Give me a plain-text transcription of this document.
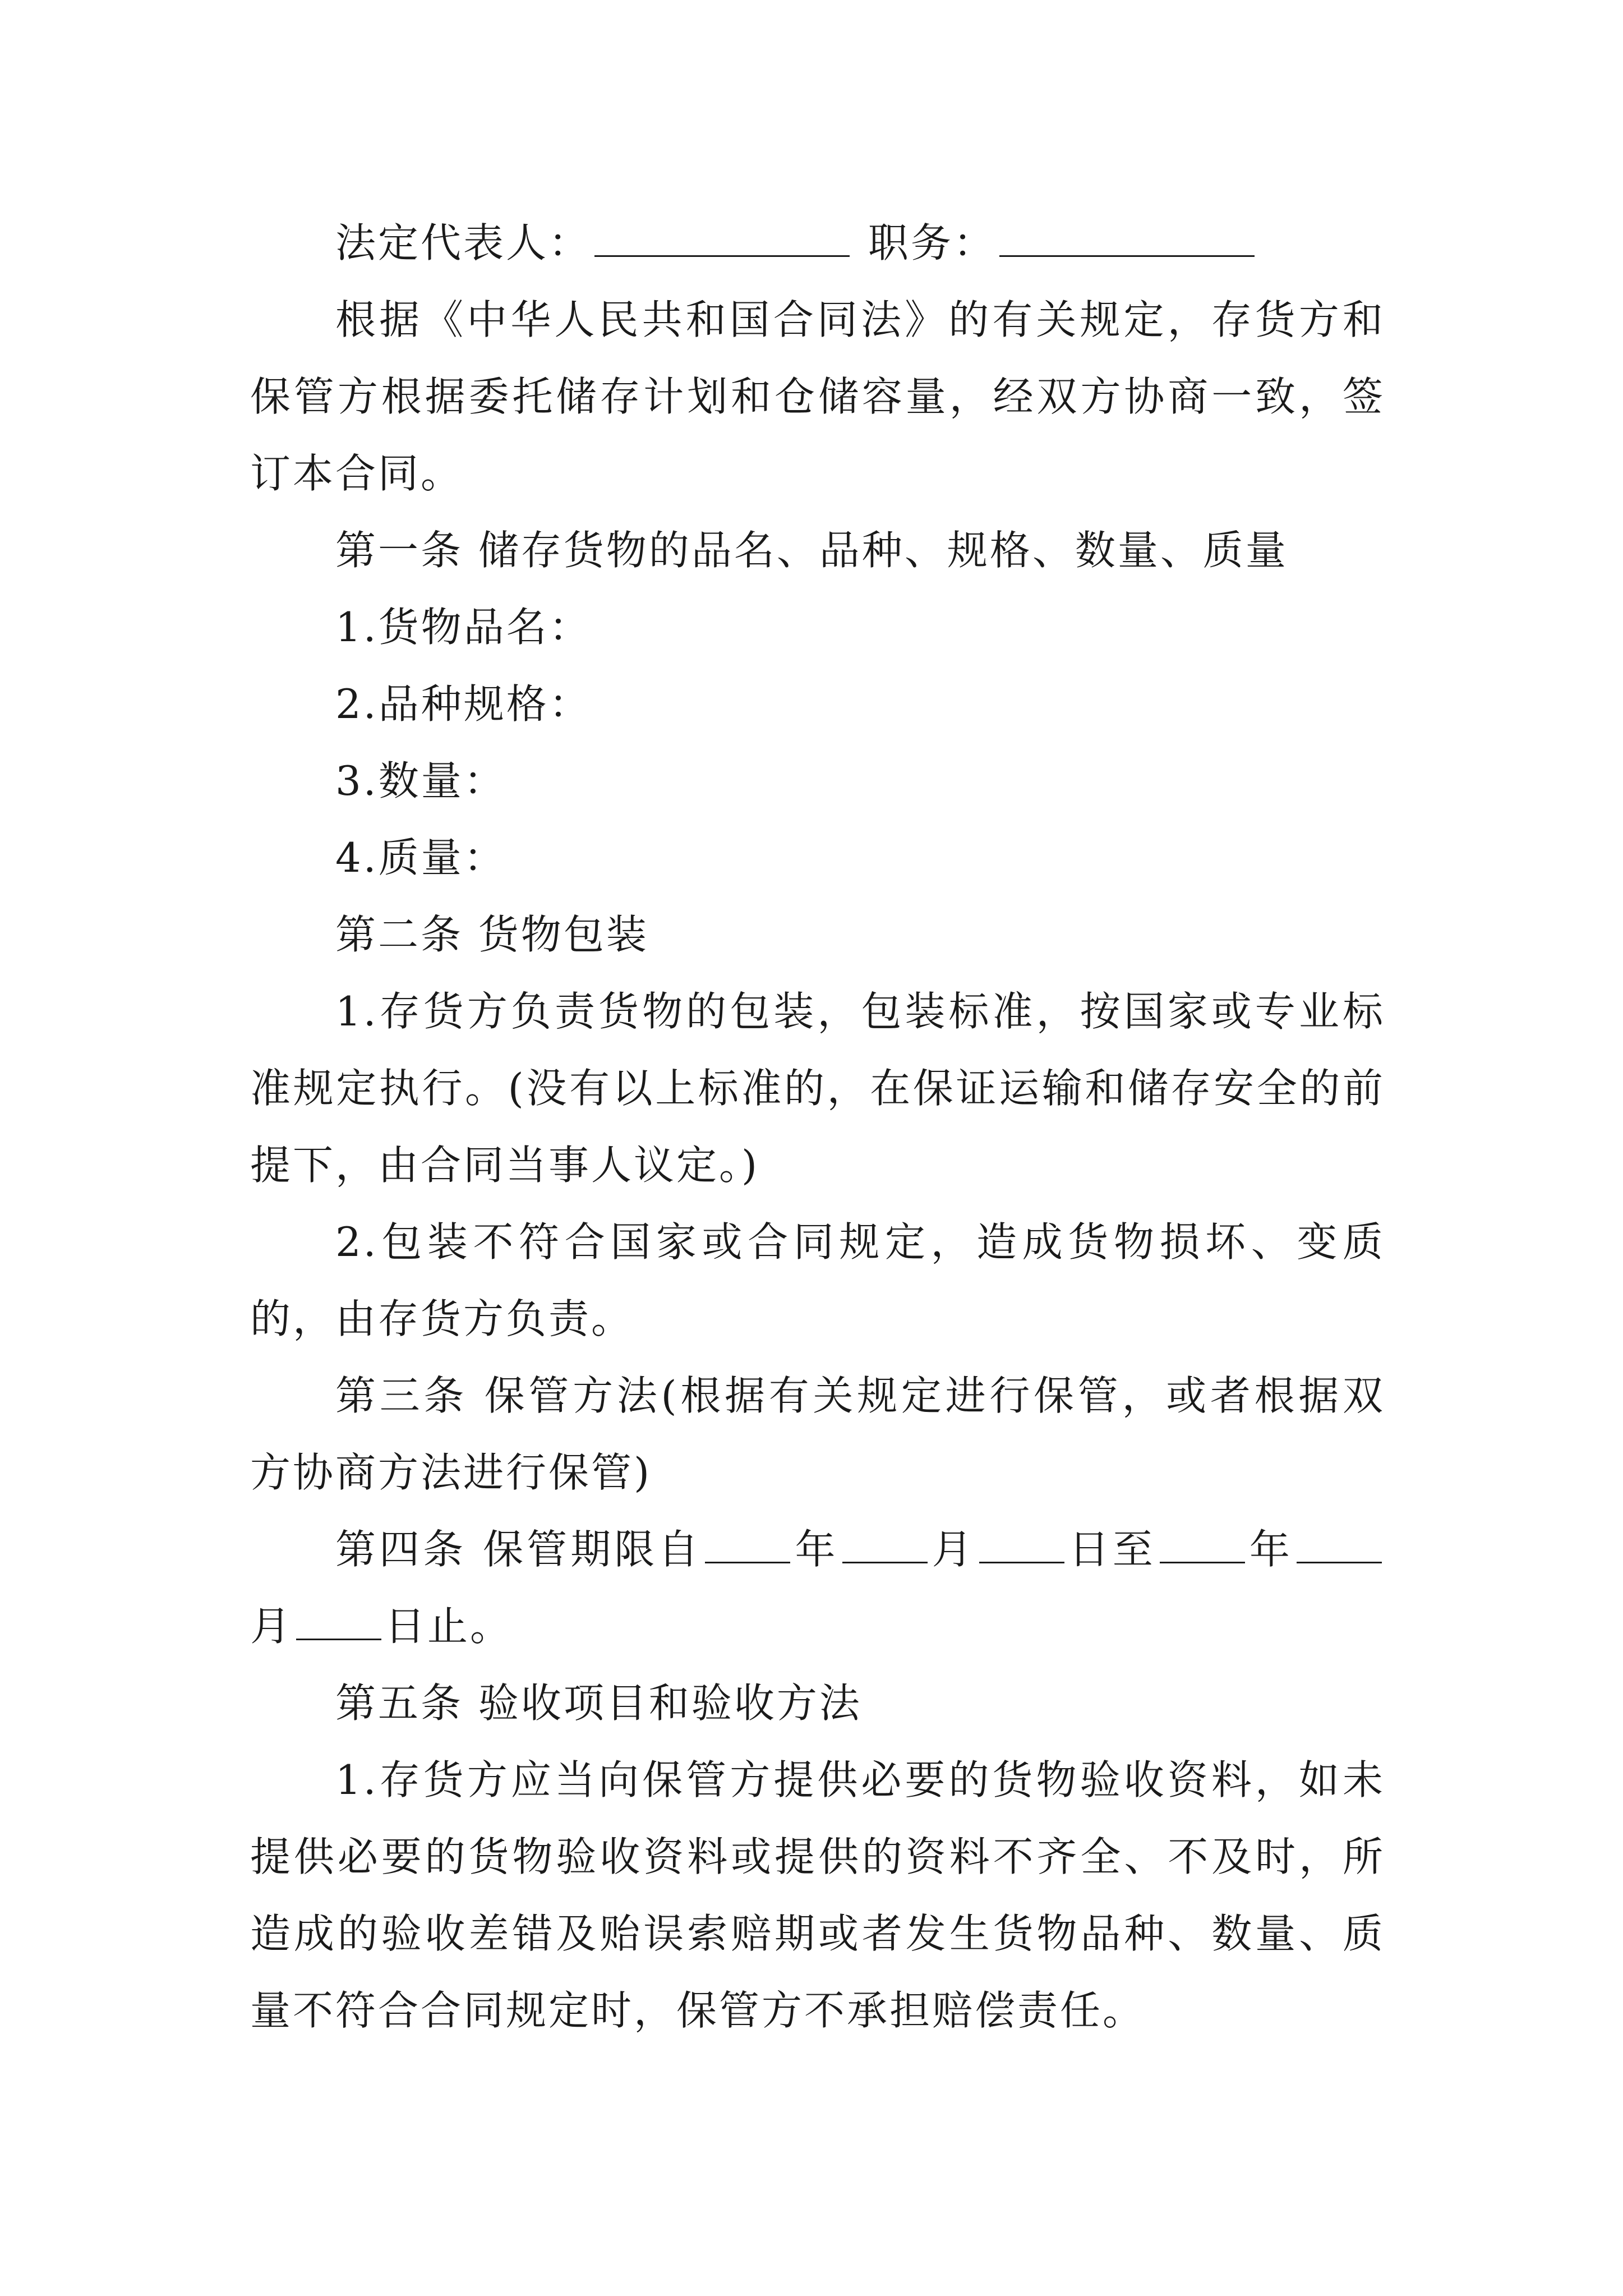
法定代表人：	职务：

根据《中华人民共和国合同法》的有关规定，存货方和保管方根据委托储存计划和仓储容量，经双方协商一致，签订本合同。

第一条 储存货物的品名、品种、规格、数量、质量

1.货物品名：

2.品种规格：

3.数量：

4.质量：

第二条 货物包装

1.存货方负责货物的包装，包装标准，按国家或专业标准规定执行。(没有以上标准的，在保证运输和储存安全的前提下，由合同当事人议定。)

2.包装不符合国家或合同规定，造成货物损坏、变质的，由存货方负责。

第三条 保管方法(根据有关规定进行保管，或者根据双方协商方法进行保管)

第四条 保管期限自 年 月 日至 年月 日止。

第五条 验收项目和验收方法

1.存货方应当向保管方提供必要的货物验收资料，如未提供必要的货物验收资料或提供的资料不齐全、不及时，所造成的验收差错及贻误索赔期或者发生货物品种、数量、质量不符合合同规定时，保管方不承担赔偿责任。
